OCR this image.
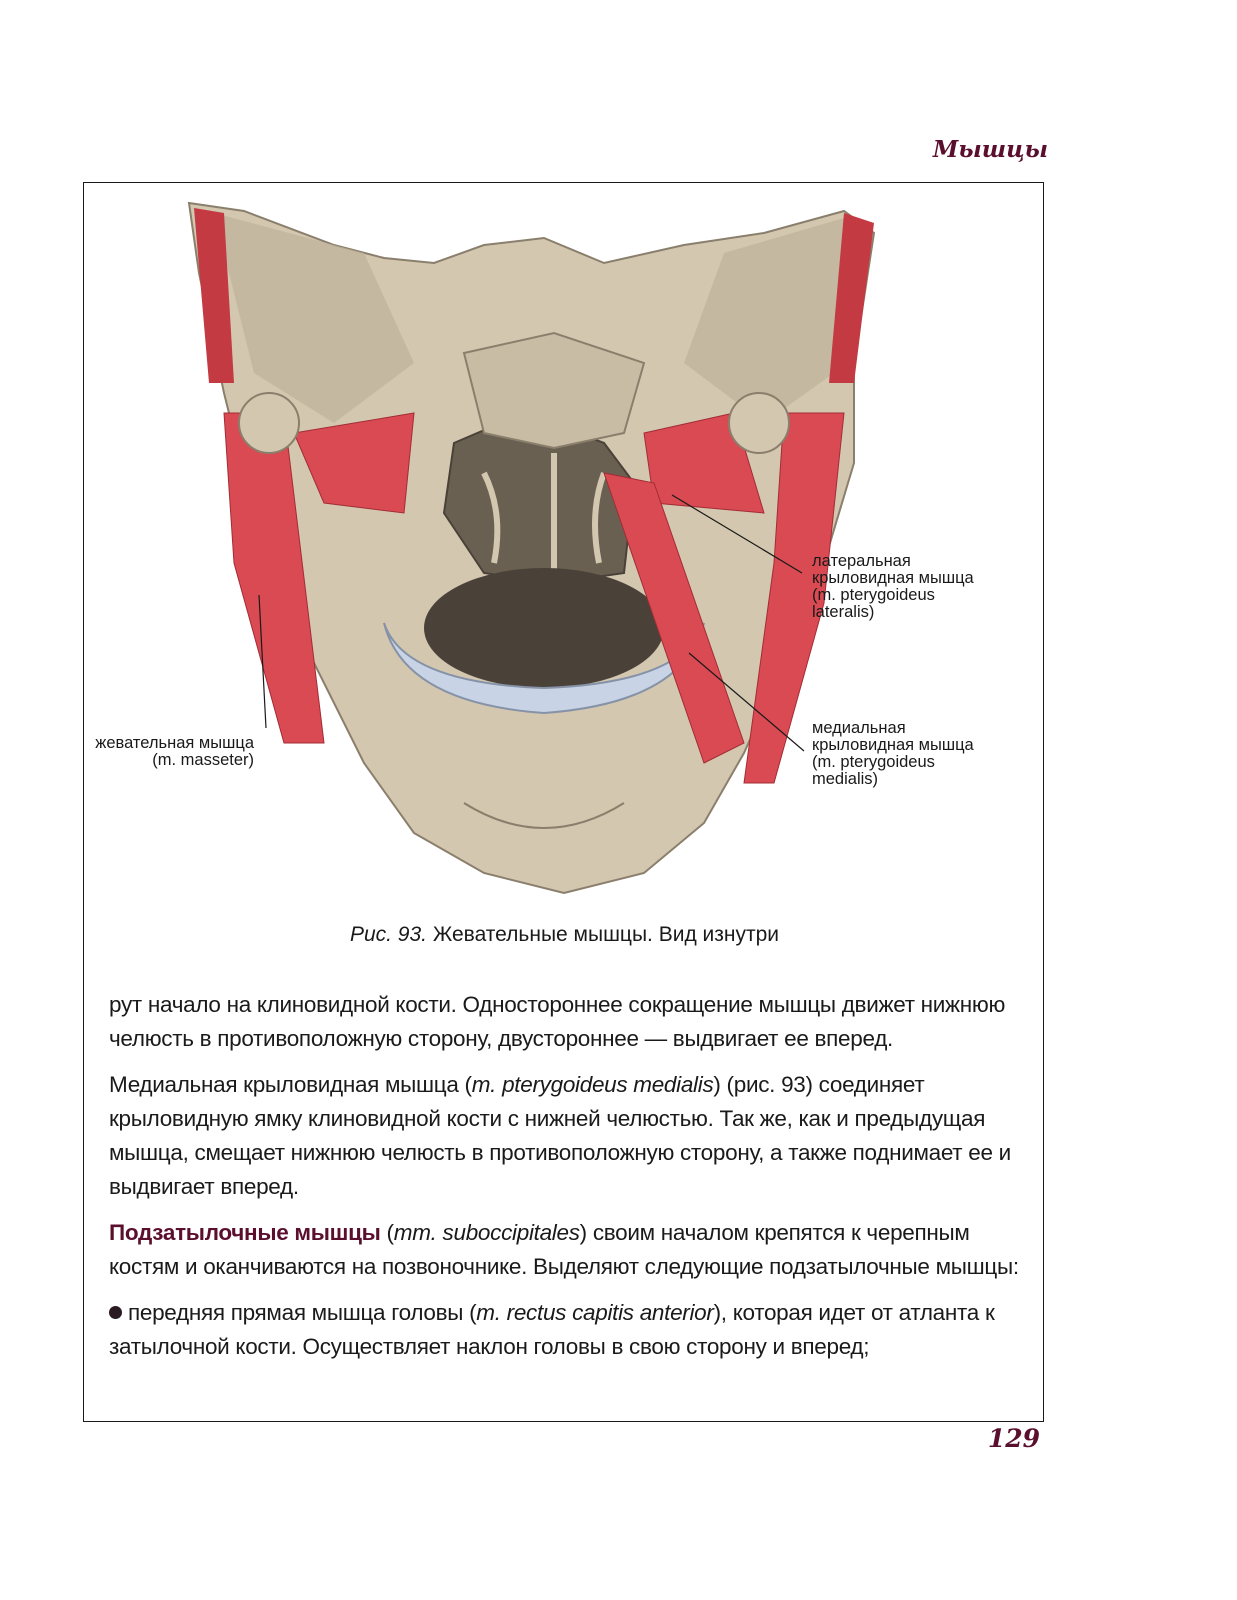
Мышцы
латеральная
крыловидная мышца
(m. pterygoideus
lateralis)
медиальная
крыловидная мышца
(m. pterygoideus
medialis)
жевательная мышца
(m. masseter)
Рис. 93. Жевательные мышцы. Вид изнутри

рут начало на клиновидной кости. Одностороннее сокращение мышцы движет нижнюю челюсть в противоположную сторону, двустороннее — выдвигает ее вперед.

Медиальная крыловидная мышца (m. pterygoideus medialis) (рис. 93) соединяет крыловидную ямку клиновидной кости с нижней челюстью. Так же, как и предыдущая мышца, смещает нижнюю челюсть в противоположную сторону, а также поднимает ее и выдвигает вперед.

Подзатылочные мышцы (mm. suboccipitales) своим началом крепятся к черепным костям и оканчиваются на позвоночнике. Выделяют следующие подзатылочные мышцы:

передняя прямая мышца головы (m. rectus capitis anterior), которая идет от атланта к затылочной кости. Осуществляет наклон головы в свою сторону и вперед;

129
